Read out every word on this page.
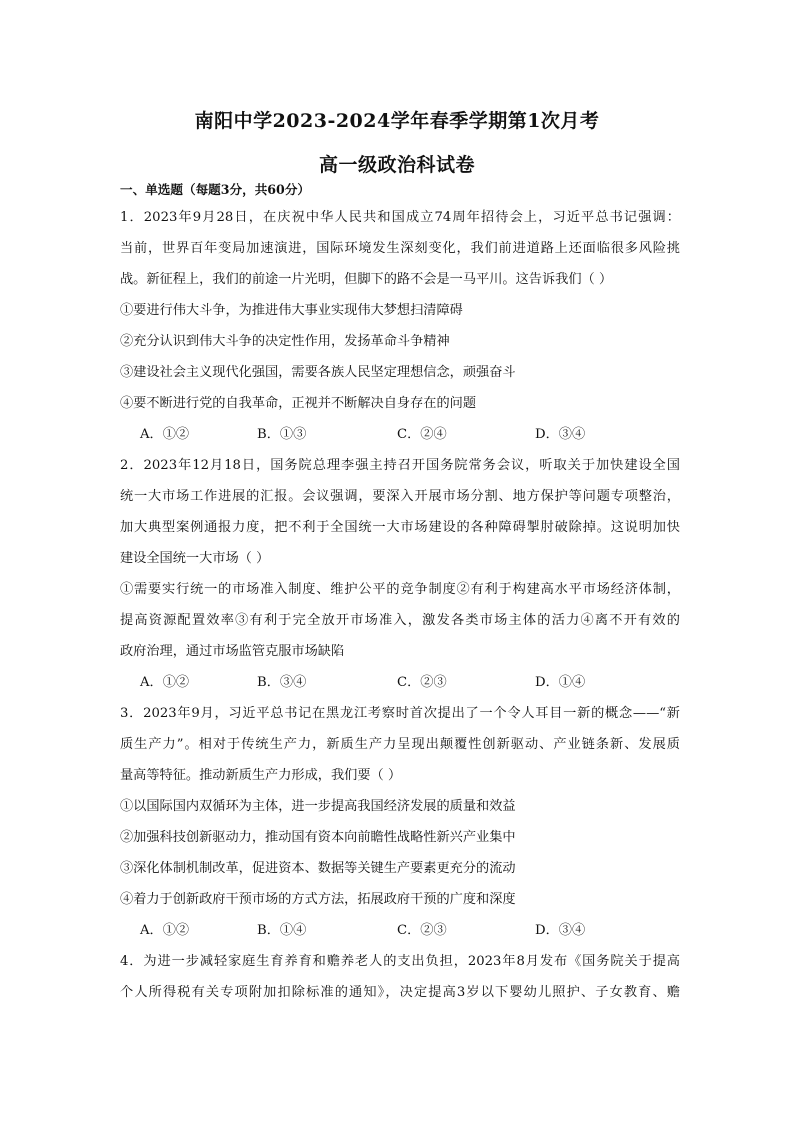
南阳中学2023-2024学年春季学期第1次月考
高一级政治科试卷
一、单选题（每题3分，共60分）
1．2023年9月28日，在庆祝中华人民共和国成立74周年招待会上，习近平总书记强调：
当前，世界百年变局加速演进，国际环境发生深刻变化，我们前进道路上还面临很多风险挑
战。新征程上，我们的前途一片光明，但脚下的路不会是一马平川。这告诉我们（ ）
①要进行伟大斗争，为推进伟大事业实现伟大梦想扫清障碍
②充分认识到伟大斗争的决定性作用，发扬革命斗争精神
③建设社会主义现代化强国，需要各族人民坚定理想信念，顽强奋斗
④要不断进行党的自我革命，正视并不断解决自身存在的问题
A．①②	B．①③	C．②④	D．③④
2．2023年12月18日，国务院总理李强主持召开国务院常务会议，听取关于加快建设全国
统一大市场工作进展的汇报。会议强调，要深入开展市场分割、地方保护等问题专项整治，
加大典型案例通报力度，把不利于全国统一大市场建设的各种障碍掣肘破除掉。这说明加快
建设全国统一大市场（ ）
①需要实行统一的市场准入制度、维护公平的竞争制度②有利于构建高水平市场经济体制，
提高资源配置效率③有利于完全放开市场准入，激发各类市场主体的活力④离不开有效的
政府治理，通过市场监管克服市场缺陷
A．①②	B．③④	C．②③	D．①④
3．2023年9月，习近平总书记在黑龙江考察时首次提出了一个令人耳目一新的概念——“新
质生产力”。相对于传统生产力，新质生产力呈现出颠覆性创新驱动、产业链条新、发展质
量高等特征。推动新质生产力形成，我们要（ ）
①以国际国内双循环为主体，进一步提高我国经济发展的质量和效益
②加强科技创新驱动力，推动国有资本向前瞻性战略性新兴产业集中
③深化体制机制改革，促进资本、数据等关键生产要素更充分的流动
④着力于创新政府干预市场的方式方法，拓展政府干预的广度和深度
A．①②	B．①④	C．②③	D．③④
4．为进一步减轻家庭生育养育和赡养老人的支出负担，2023年8月发布《国务院关于提高
个人所得税有关专项附加扣除标准的通知》，决定提高3岁以下婴幼儿照护、子女教育、赡
